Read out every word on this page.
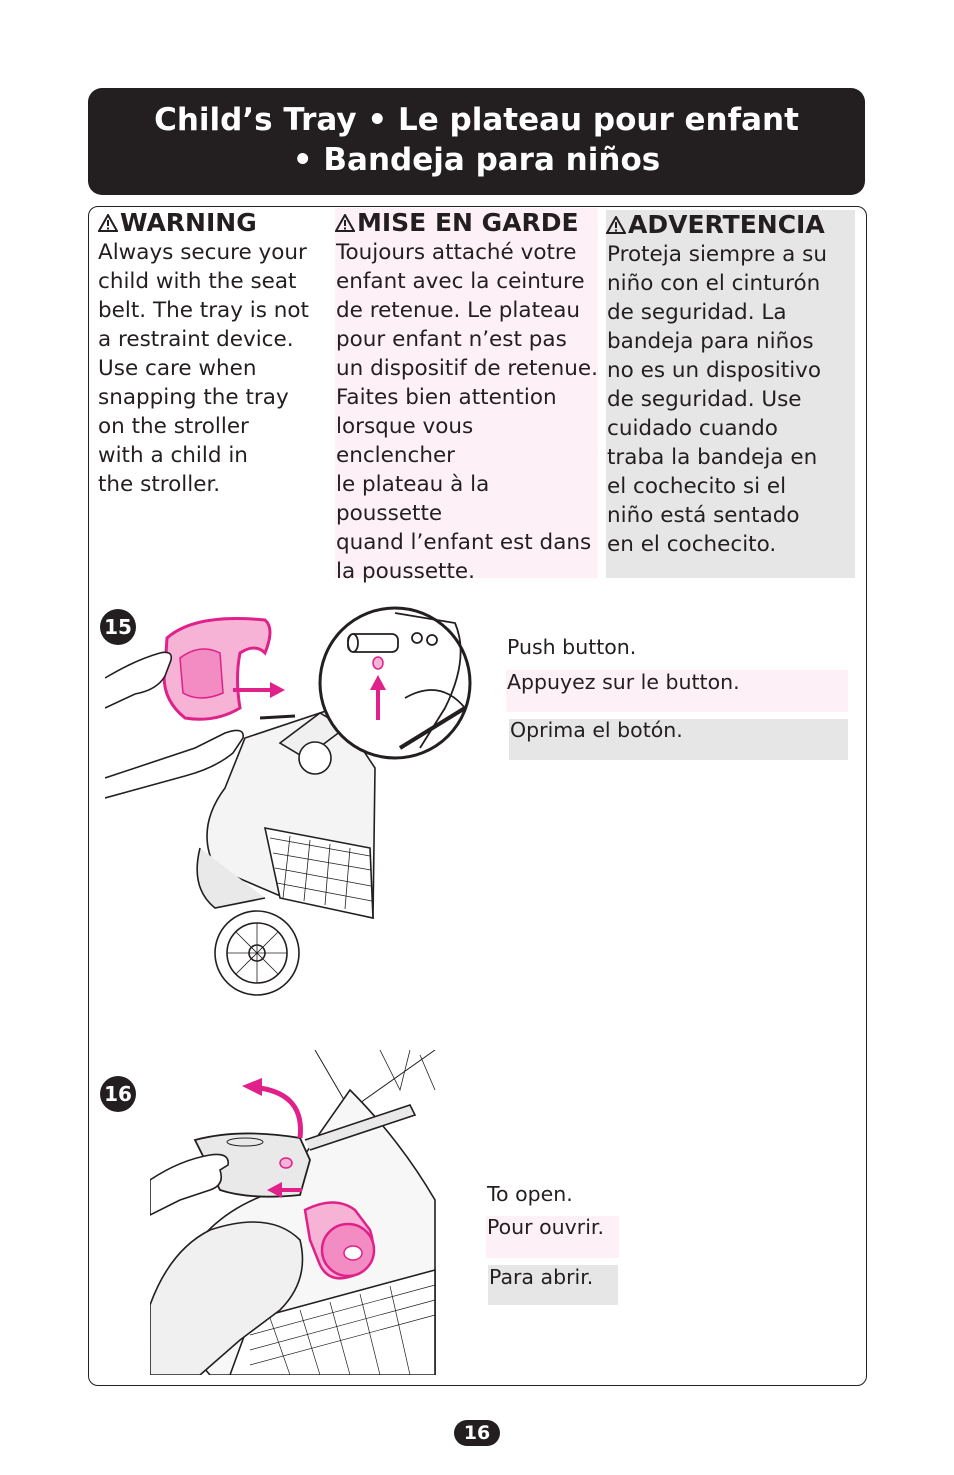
Child’s Tray • Le plateau pour enfant
• Bandeja para niños
WARNING
Always secure your
child with the seat
belt. The tray is not
a restraint device.
Use care when
snapping the tray
on the stroller
with a child in
the stroller.
MISE EN GARDE
Toujours attaché votre
enfant avec la ceinture
de retenue. Le plateau
pour enfant n’est pas
un dispositif de retenue.
Faites bien attention
lorsque vous enclencher
le plateau à la poussette
quand l’enfant est dans
la poussette.
ADVERTENCIA
Proteja siempre a su
niño con el cinturón
de seguridad. La
bandeja para niños
no es un dispositivo
de seguridad. Use
cuidado cuando
traba la bandeja en
el cochecito si el
niño está sentado
en el cochecito.
15
Push button.
Appuyez sur le button.
Oprima el botón.
16
To open.
Pour ouvrir.
Para abrir.
16
